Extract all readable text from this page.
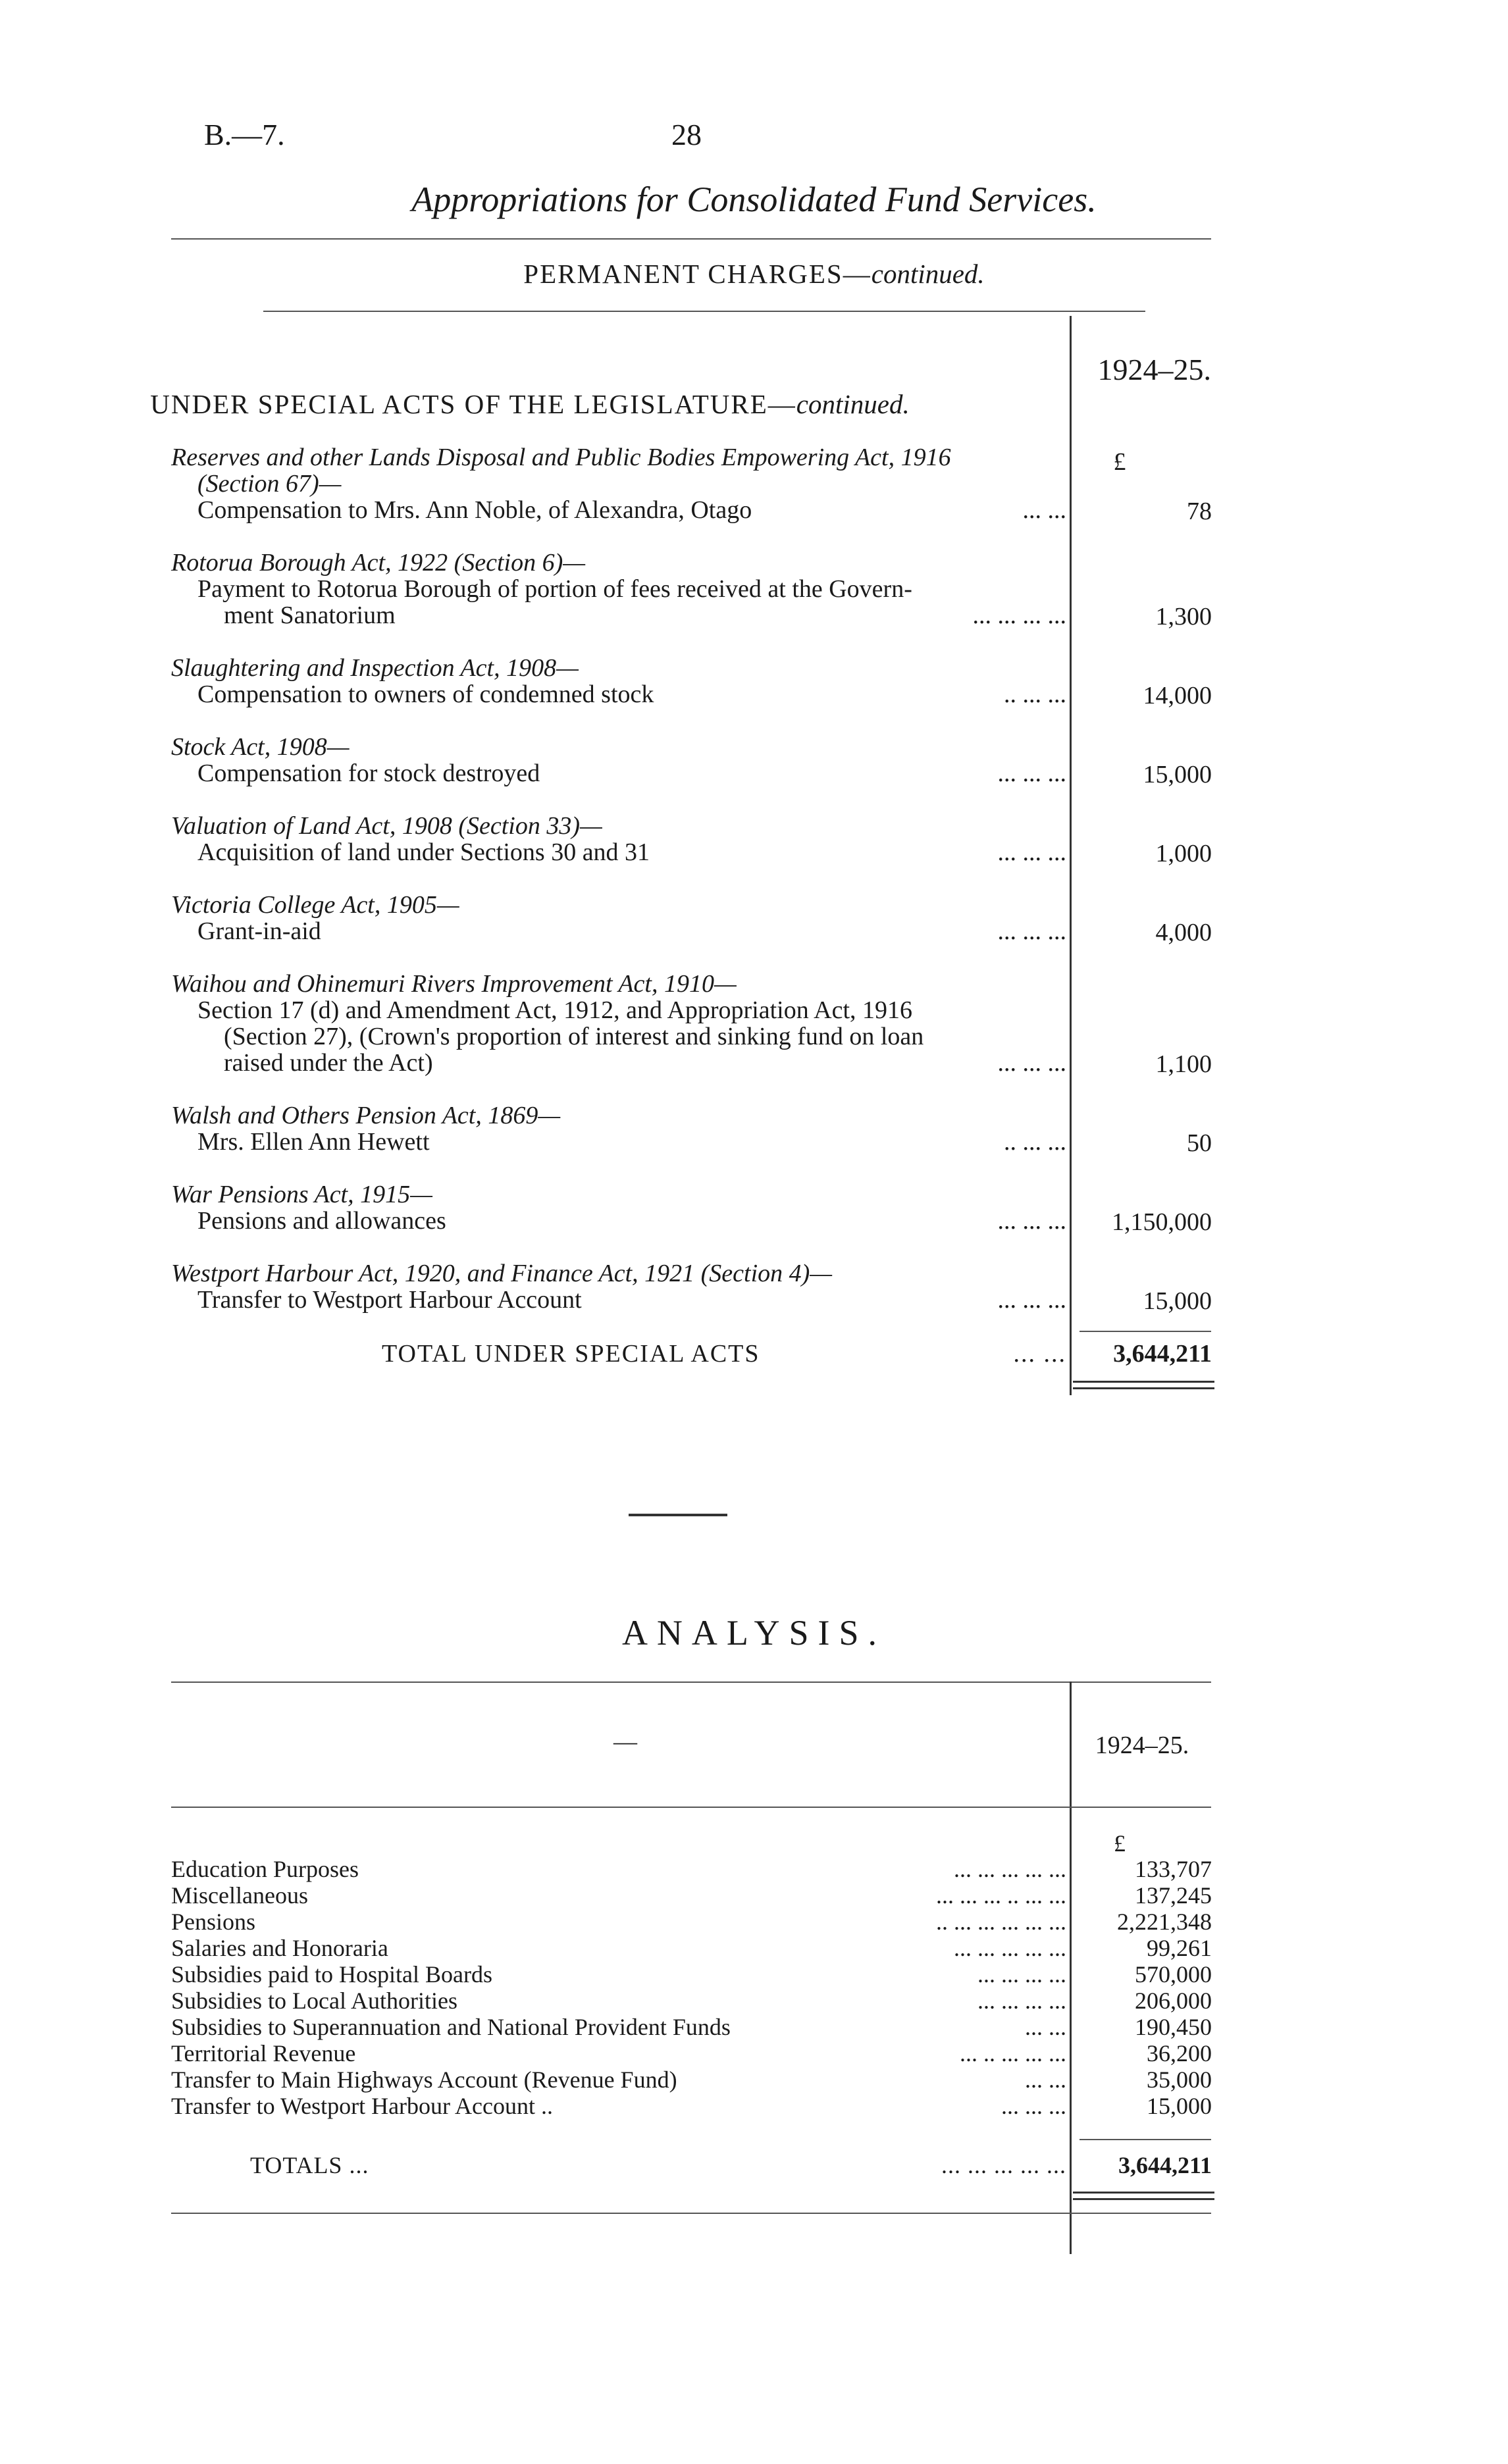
B.—7.	28
Appropriations for Consolidated Fund Services.
PERMANENT CHARGES—continued.
1924–25.
UNDER SPECIAL ACTS OF THE LEGISLATURE—continued.
£
Reserves and other Lands Disposal and Public Bodies Empowering Act, 1916
(Section 67)—
Compensation to Mrs. Ann Noble, of Alexandra, Otago	... ...	78
Rotorua Borough Act, 1922 (Section 6)—
Payment to Rotorua Borough of portion of fees received at the Govern-
ment Sanatorium	... ... ... ...	1,300
Slaughtering and Inspection Act, 1908—
Compensation to owners of condemned stock	.. ... ...	14,000
Stock Act, 1908—
Compensation for stock destroyed	... ... ...	15,000
Valuation of Land Act, 1908 (Section 33)—
Acquisition of land under Sections 30 and 31	... ... ...	1,000
Victoria College Act, 1905—
Grant-in-aid	... ... ...	4,000
Waihou and Ohinemuri Rivers Improvement Act, 1910—
Section 17 (d) and Amendment Act, 1912, and Appropriation Act, 1916
(Section 27), (Crown's proportion of interest and sinking fund on loan
raised under the Act)	... ... ...	1,100
Walsh and Others Pension Act, 1869—
Mrs. Ellen Ann Hewett	.. ... ...	50
War Pensions Act, 1915—
Pensions and allowances	... ... ...	1,150,000
Westport Harbour Act, 1920, and Finance Act, 1921 (Section 4)—
Transfer to Westport Harbour Account	... ... ...	15,000
TOTAL UNDER SPECIAL ACTS	... ...	3,644,211
ANALYSIS.
—	1924–25.
£
Education Purposes	... ... ... ... ...	133,707
Miscellaneous	... ... ... .. ... ...	137,245
Pensions	.. ... ... ... ... ...	2,221,348
Salaries and Honoraria	... ... ... ... ...	99,261
Subsidies paid to Hospital Boards	... ... ... ...	570,000
Subsidies to Local Authorities	... ... ... ...	206,000
Subsidies to Superannuation and National Provident Funds	... ...	190,450
Territorial Revenue	... .. ... ... ...	36,200
Transfer to Main Highways Account (Revenue Fund)	... ...	35,000
Transfer to Westport Harbour Account ..	... ... ...	15,000
TOTALS ...	... ... ... ... ...	3,644,211
